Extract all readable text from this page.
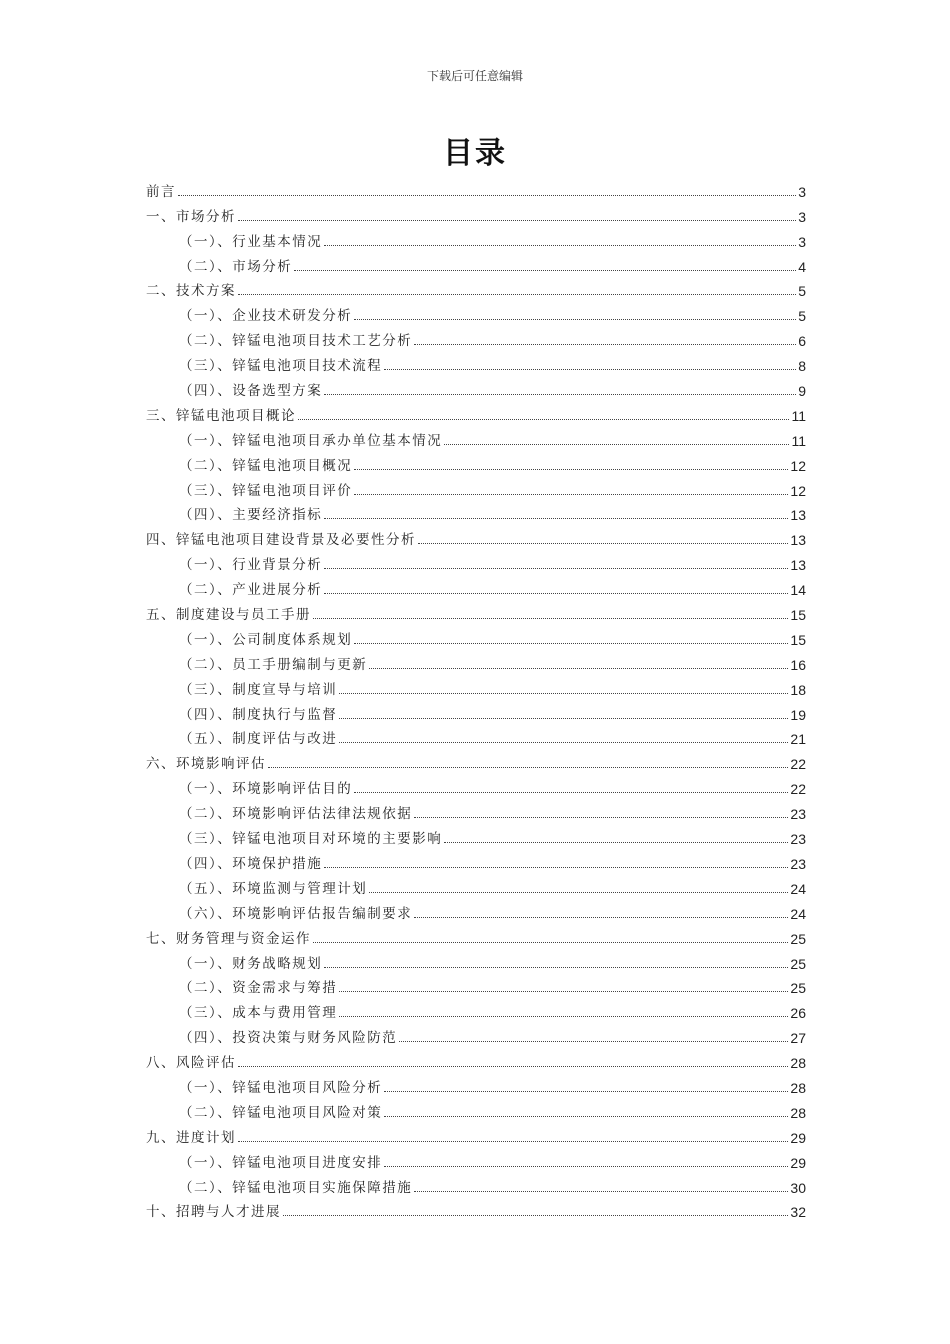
下载后可任意编辑
目录
前言	3
一、市场分析	3
（一）、行业基本情况	3
（二）、市场分析	4
二、技术方案	5
（一）、企业技术研发分析	5
（二）、锌锰电池项目技术工艺分析	6
（三）、锌锰电池项目技术流程	8
（四）、设备选型方案	9
三、锌锰电池项目概论	11
（一）、锌锰电池项目承办单位基本情况	11
（二）、锌锰电池项目概况	12
（三）、锌锰电池项目评价	12
（四）、主要经济指标	13
四、锌锰电池项目建设背景及必要性分析	13
（一）、行业背景分析	13
（二）、产业进展分析	14
五、制度建设与员工手册	15
（一）、公司制度体系规划	15
（二）、员工手册编制与更新	16
（三）、制度宣导与培训	18
（四）、制度执行与监督	19
（五）、制度评估与改进	21
六、环境影响评估	22
（一）、环境影响评估目的	22
（二）、环境影响评估法律法规依据	23
（三）、锌锰电池项目对环境的主要影响	23
（四）、环境保护措施	23
（五）、环境监测与管理计划	24
（六）、环境影响评估报告编制要求	24
七、财务管理与资金运作	25
（一）、财务战略规划	25
（二）、资金需求与筹措	25
（三）、成本与费用管理	26
（四）、投资决策与财务风险防范	27
八、风险评估	28
（一）、锌锰电池项目风险分析	28
（二）、锌锰电池项目风险对策	28
九、进度计划	29
（一）、锌锰电池项目进度安排	29
（二）、锌锰电池项目实施保障措施	30
十、招聘与人才进展	32
